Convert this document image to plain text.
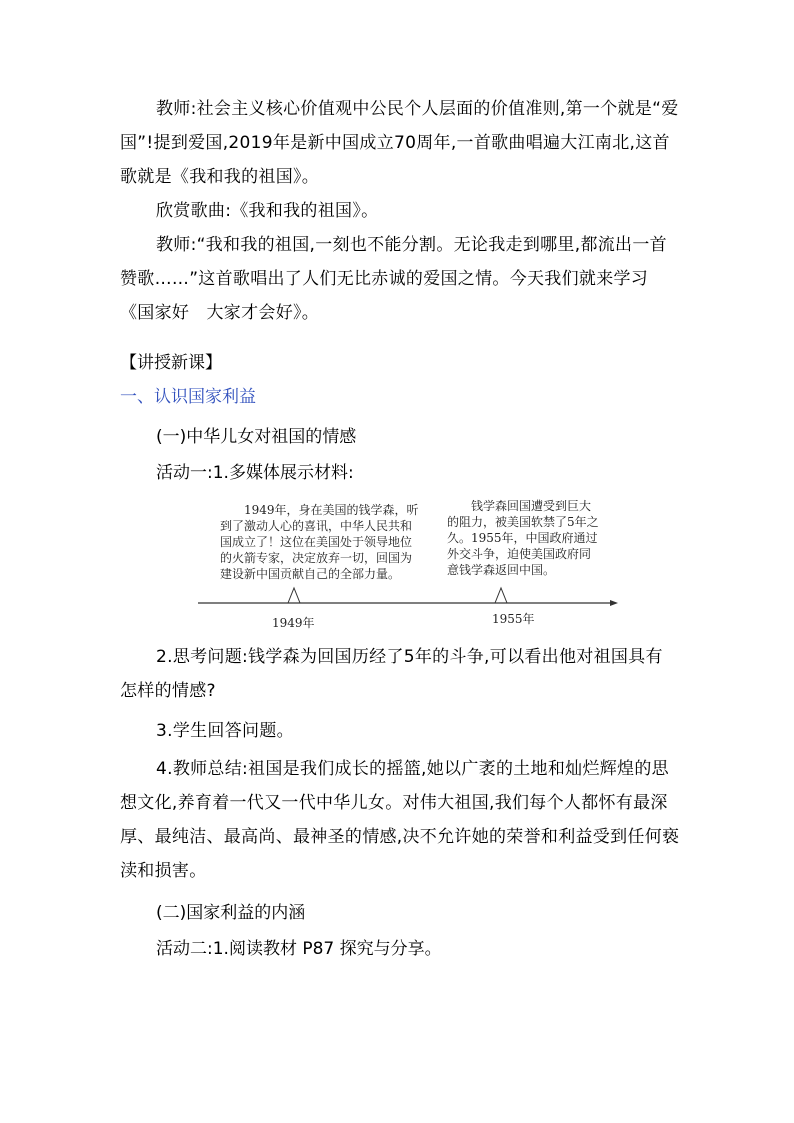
教师:社会主义核心价值观中公民个人层面的价值准则,第一个就是“爱国”!提到爱国,2019年是新中国成立70周年,一首歌曲唱遍大江南北,这首歌就是《我和我的祖国》。

欣赏歌曲:《我和我的祖国》。

教师:“我和我的祖国,一刻也不能分割。无论我走到哪里,都流出一首赞歌……”这首歌唱出了人们无比赤诚的爱国之情。今天我们就来学习《国家好　大家才会好》。

【讲授新课】

一、认识国家利益

(一)中华儿女对祖国的情感

活动一:1.多媒体展示材料:

1949年，身在美国的钱学森，听
到了激动人心的喜讯，中华人民共和
国成立了！这位在美国处于领导地位
的火箭专家，决定放弃一切，回国为
建设新中国贡献自己的全部力量。
钱学森回国遭受到巨大
的阻力，被美国软禁了5年之
久。1955年，中国政府通过
外交斗争，迫使美国政府同
意钱学森返回中国。
1949年	1955年

2.思考问题:钱学森为回国历经了5年的斗争,可以看出他对祖国具有怎样的情感?

3.学生回答问题。

4.教师总结:祖国是我们成长的摇篮,她以广袤的土地和灿烂辉煌的思想文化,养育着一代又一代中华儿女。对伟大祖国,我们每个人都怀有最深厚、最纯洁、最高尚、最神圣的情感,决不允许她的荣誉和利益受到任何亵渎和损害。

(二)国家利益的内涵

活动二:1.阅读教材 P87 探究与分享。
